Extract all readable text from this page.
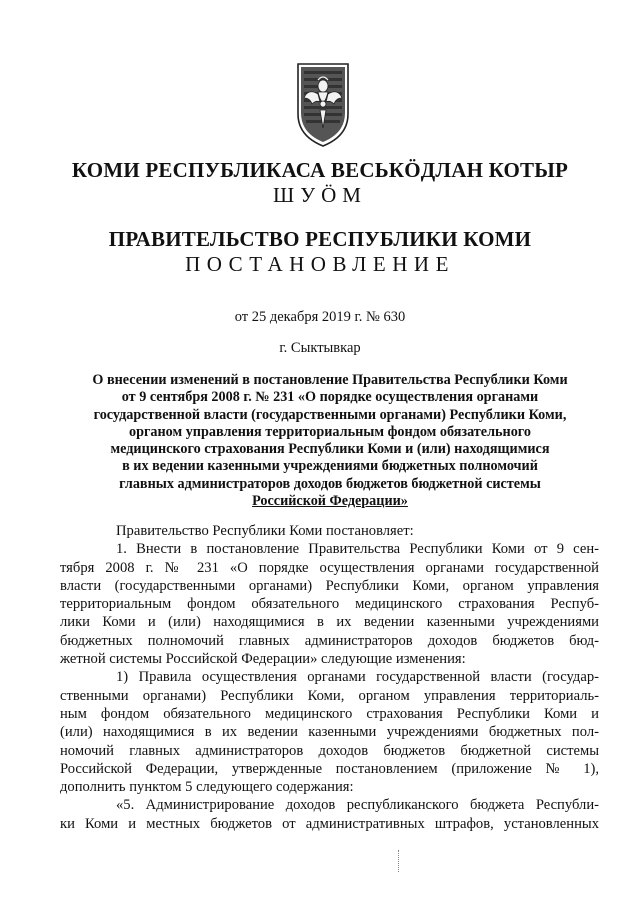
КОМИ РЕСПУБЛИКАСА ВЕСЬКÖДЛАН КОТЫР
ШУÖМ
ПРАВИТЕЛЬСТВО РЕСПУБЛИКИ КОМИ
ПОСТАНОВЛЕНИЕ
от 25 декабря 2019 г. № 630
г. Сыктывкар
О внесении изменений в постановление Правительства Республики Коми
от 9 сентября 2008 г. № 231 «О порядке осуществления органами
государственной власти (государственными органами) Республики Коми,
органом управления территориальным фондом обязательного
медицинского страхования Республики Коми и (или) находящимися
в их ведении казенными учреждениями бюджетных полномочий
главных администраторов доходов бюджетов бюджетной системы
Российской Федерации»
Правительство Республики Коми постановляет:
1. Внести в постановление Правительства Республики Коми от 9 сен-
тября 2008 г. № 231 «О порядке осуществления органами государственной
власти (государственными органами) Республики Коми, органом управления
территориальным фондом обязательного медицинского страхования Респуб-
лики Коми и (или) находящимися в их ведении казенными учреждениями
бюджетных полномочий главных администраторов доходов бюджетов бюд-
жетной системы Российской Федерации» следующие изменения:
1) Правила осуществления органами государственной власти (государ-
ственными органами) Республики Коми, органом управления территориаль-
ным фондом обязательного медицинского страхования Республики Коми и
(или) находящимися в их ведении казенными учреждениями бюджетных пол-
номочий главных администраторов доходов бюджетов бюджетной системы
Российской Федерации, утвержденные постановлением (приложение № 1),
дополнить пунктом 5 следующего содержания:
«5. Администрирование доходов республиканского бюджета Республи-
ки Коми и местных бюджетов от административных штрафов, установленных
